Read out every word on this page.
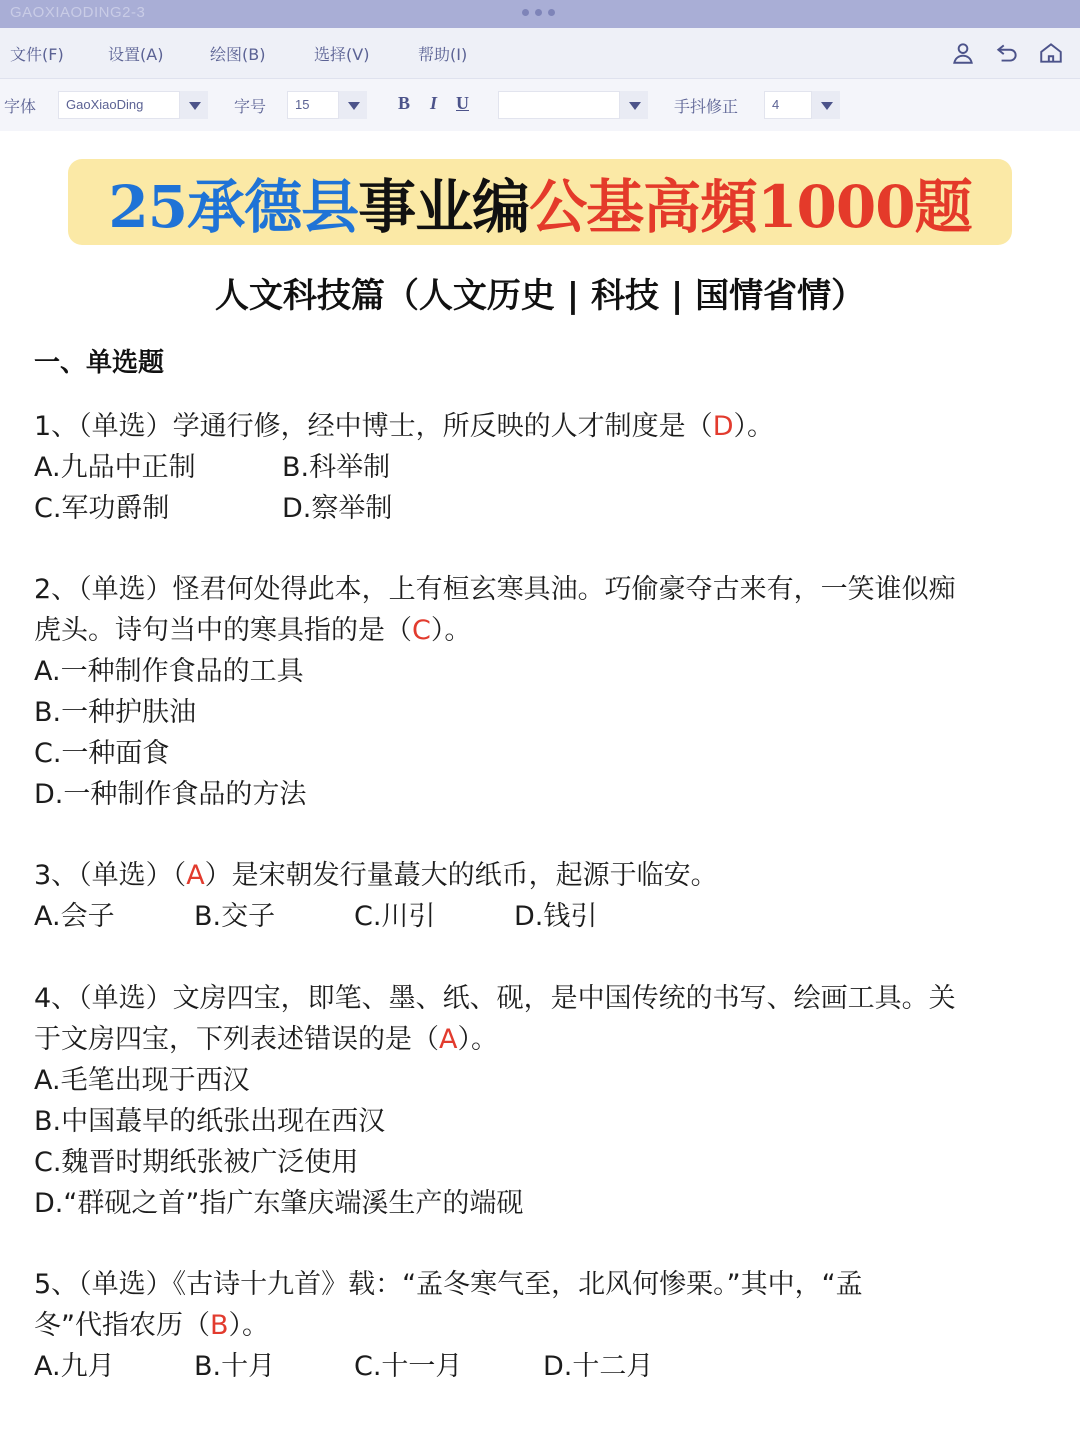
GAOXIAODING2-3
文件(F)	设置(A)	绘图(B)	选择(V)	帮助(I)
字体	GaoXiaoDing	字号	15	B I U	手抖修正	4
25承德县 事业编 公基高頻1000题
人文科技篇（人文历史 | 科技 | 国情省情）
一、单选题
1、（单选）学通行修，经中博士，所反映的人才制度是（D）。
A.九品中正制	B.科举制
C.军功爵制	D.察举制
2、（单选）怪君何处得此本，上有桓玄寒具油。巧偷豪夺古来有，一笑谁似痴
虎头。诗句当中的寒具指的是（C）。
A.一种制作食品的工具
B.一种护肤油
C.一种面食
D.一种制作食品的方法
3、（单选）（A）是宋朝发行量蕞大的纸币，起源于临安。
A.会子	B.交子	C.川引	D.钱引
4、（单选）文房四宝，即笔、墨、纸、砚，是中国传统的书写、绘画工具。关
于文房四宝，下列表述错误的是（A）。
A.毛笔出现于西汉
B.中国蕞早的纸张出现在西汉
C.魏晋时期纸张被广泛使用
D.“群砚之首”指广东肇庆端溪生产的端砚
5、（单选）《古诗十九首》载：“孟冬寒气至，北风何惨栗。”其中，“孟
冬”代指农历（B）。
A.九月	B.十月	C.十一月	D.十二月
